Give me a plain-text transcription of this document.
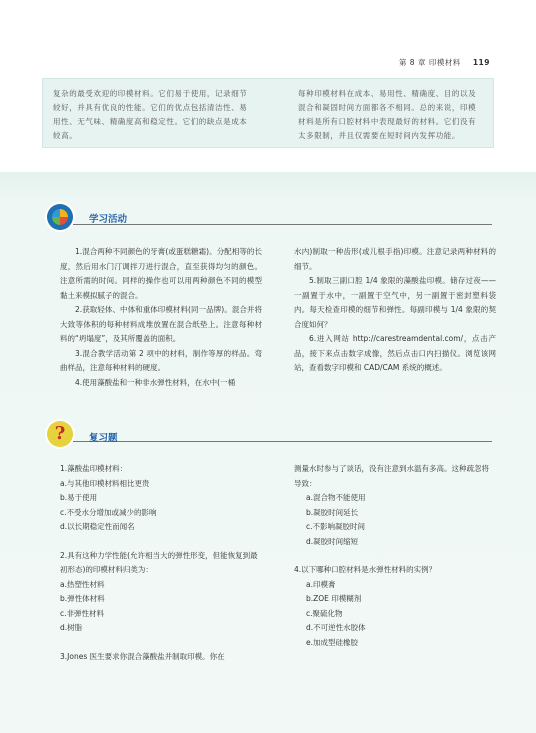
第 8 章 印模材料 119
复杂的最受欢迎的印模材料。它们易于使用，记录细节较好，并具有优良的性能。它们的优点包括清洁性、易用性、无气味、精确度高和稳定性。它们的缺点是成本较高。
每种印模材料在成本、易用性、精确度、目的以及混合和凝固时间方面都各不相同。总的来说，印模材料是所有口腔材料中表现最好的材料。它们没有太多限制，并且仅需要在短时间内发挥功能。
学习活动

1.混合两种不同颜色的牙膏(或蛋糕糖霜)。分配相等的长度，然后用水门汀调拌刀进行混合，直至获得均匀的颜色。注意所需的时间。同样的操作也可以用两种颜色不同的模型黏土来模拟腻子的混合。

2.获取轻体、中体和重体印模材料(同一品牌)。混合并将大致等体积的每种材料成堆放置在混合纸垫上。注意每种材料的“坍塌度”，及其所覆盖的面积。

3.混合教学活动第 2 项中的材料，制作等厚的样品。弯曲样品，注意每种材料的硬度。

4.使用藻酸盐和一种非水弹性材料，在水中(一桶

水内)制取一种齿形(或儿根手指)印模。注意记录两种材料的细节。

5.制取三副口腔 1/4 象限的藻酸盐印模。储存过夜——一副置于水中，一副置于空气中，另一副置于密封塑料袋内。每天检查印模的细节和弹性。每副印模与 1/4 象限的契合度如何？

6.进入网站 http://carestreamdental.com/，点击产品，接下来点击数字成像，然后点击口内扫描仪。浏览该网站，查看数字印模和 CAD/CAM 系统的概述。

?	复习题
1.藻酸盐印模材料：
a.与其他印模材料相比更贵
b.易于使用
c.不受水分增加或减少的影响
d.以长期稳定性而闻名
2.具有这种力学性能(允许相当大的弹性形变，但能恢复到最初形态)的印模材料归类为：
a.热塑性材料
b.弹性体材料
c.非弹性材料
d.树脂
3.Jones 医生要求你混合藻酸盐并制取印模。你在
测量水时参与了谈话，没有注意到水温有多高。这种疏忽将导致：
a.混合物不能使用
b.凝胶时间延长
c.不影响凝胶时间
d.凝胶时间缩短
4.以下哪种口腔材料是水弹性材料的实例？
a.印模膏
b.ZOE 印模糊剂
c.聚硫化物
d.不可逆性水胶体
e.加成型硅橡胶
